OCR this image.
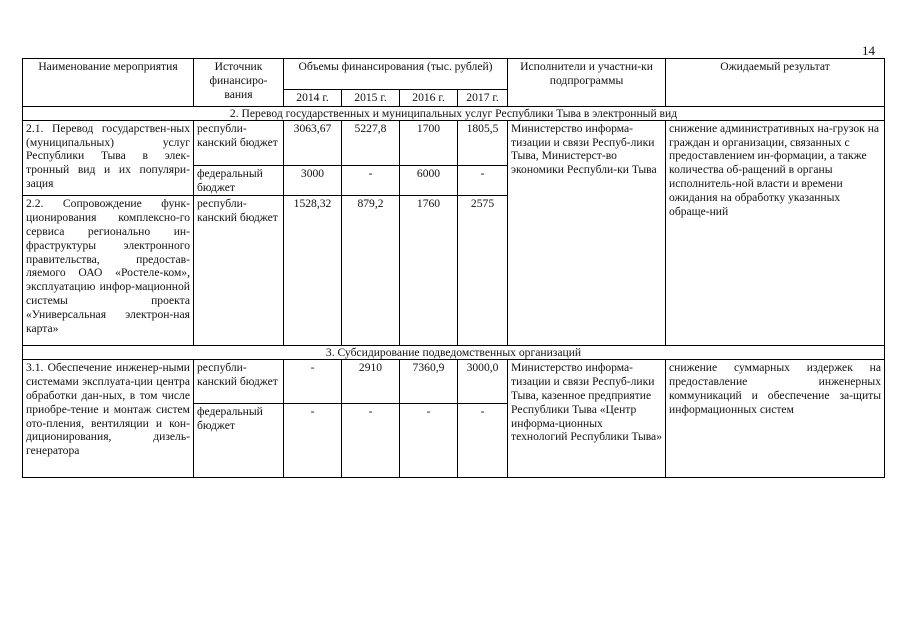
14
Наименование мероприятия	Источник финансиро-вания	Объемы финансирования (тыс. рублей)				Исполнители и участни-ки подпрограммы	Ожидаемый результат
		2014 г.	2015 г.	2016 г.	2017 г.		
2. Перевод государственных и муниципальных услуг Республики Тыва в электронный вид							
2.1. Перевод государствен-ных (муниципальных) услуг Республики Тыва в элек-тронный вид и их популяри-зация	республи-канский бюджет	3063,67	5227,8	1700	1805,5	Министерство информа-тизации и связи Респуб-лики Тыва, Министерст-во экономики Республи-ки Тыва	снижение административных на-грузок на граждан и организации, связанных с предоставлением ин-формации, а также количества об-ращений в органы исполнитель-ной власти и времени ожидания на обработку указанных обраще-ний
	федеральный бюджет	3000	-	6000	-		
2.2. Сопровождение функ-ционирования комплексно-го сервиса регионально ин-фраструктуры электронного правительства, предостав-ляемого ОАО «Ростеле-ком», эксплуатацию инфор-мационной системы проекта «Универсальная электрон-ная карта»	республи-канский бюджет	1528,32	879,2	1760	2575		
3. Субсидирование подведомственных организаций							
3.1. Обеспечение инженер-ными системами эксплуата-ции центра обработки дан-ных, в том числе приобре-тение и монтаж систем ото-пления, вентиляции и кон-диционирования, дизель-генератора	республи-канский бюджет	-	2910	7360,9	3000,0	Министерство информа-тизации и связи Респуб-лики Тыва, казенное предприятие Республики Тыва «Центр информа-ционных технологий Республики Тыва»	снижение суммарных издержек на предоставление инженерных коммуникаций и обеспечение за-щиты информационных систем
	федеральный бюджет	-	-	-	-		
